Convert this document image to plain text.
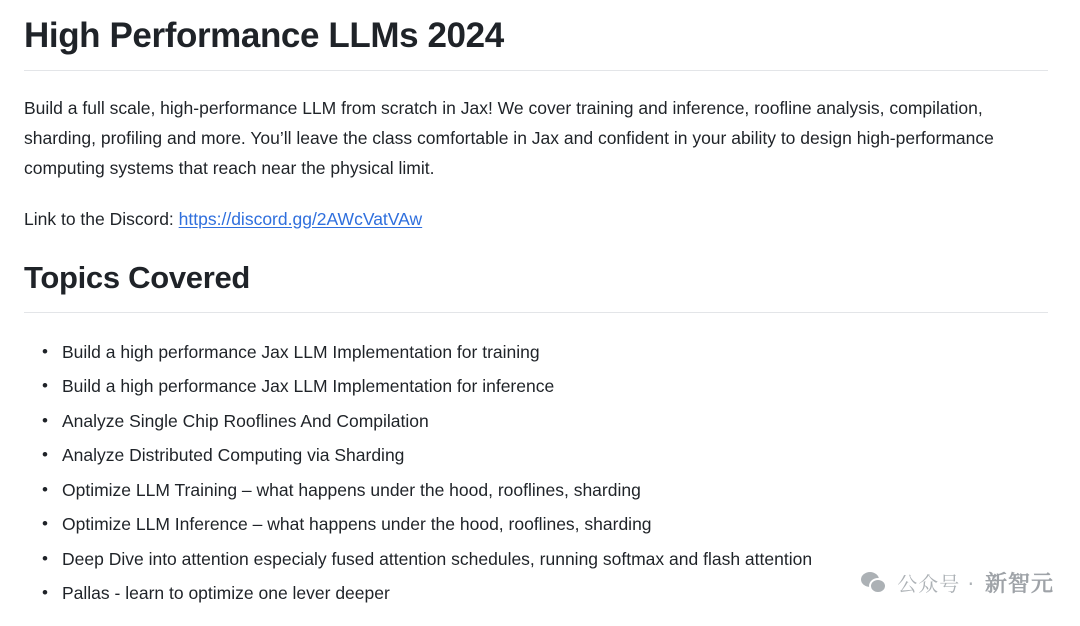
High Performance LLMs 2024

Build a full scale, high-performance LLM from scratch in Jax! We cover training and inference, roofline analysis, compilation, sharding, profiling and more. You’ll leave the class comfortable in Jax and confident in your ability to design high-performance computing systems that reach near the physical limit.

Link to the Discord: https://discord.gg/2AWcVatVAw

Topics Covered
• Build a high performance Jax LLM Implementation for training
• Build a high performance Jax LLM Implementation for inference
• Analyze Single Chip Rooflines And Compilation
• Analyze Distributed Computing via Sharding
• Optimize LLM Training – what happens under the hood, rooflines, sharding
• Optimize LLM Inference – what happens under the hood, rooflines, sharding
• Deep Dive into attention especialy fused attention schedules, running softmax and flash attention
• Pallas - learn to optimize one lever deeper	公众号 · 新智元
